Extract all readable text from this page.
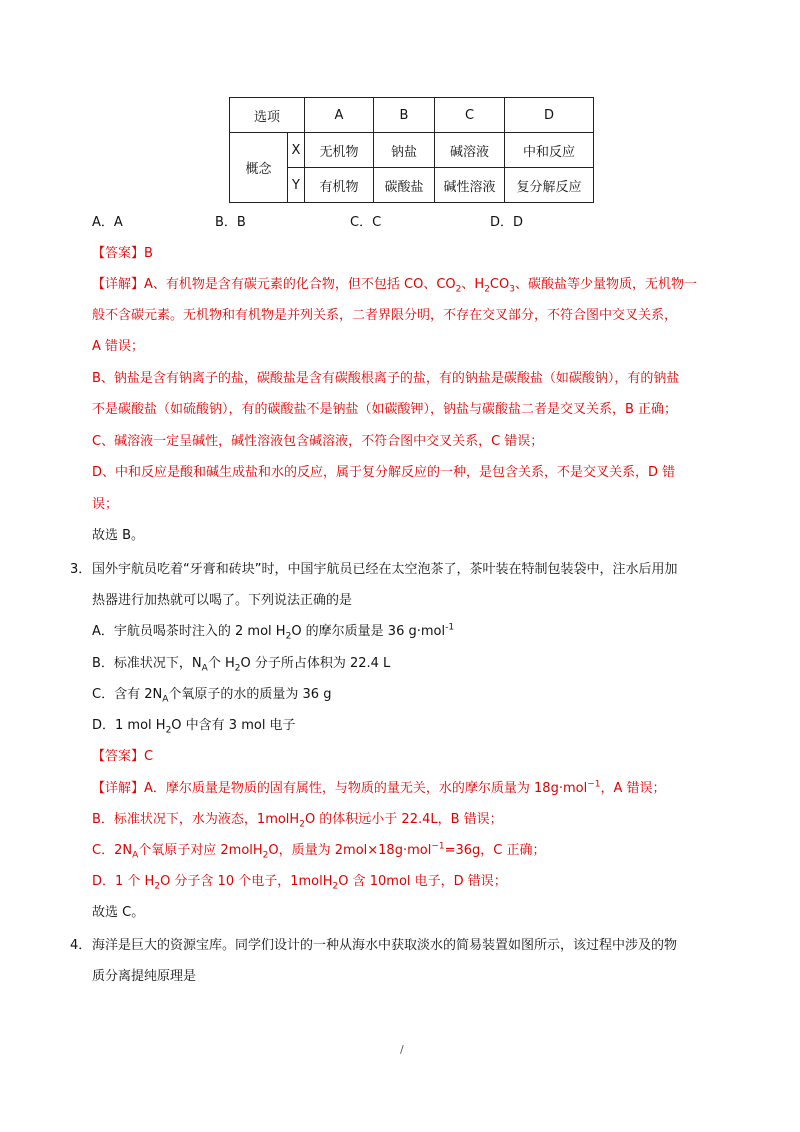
选项		A	B	C	D
概念	X	无机物	钠盐	碱溶液	中和反应
	Y	有机物	碳酸盐	碱性溶液	复分解反应
A．A	B．B	C．C	D．D
【答案】B
【详解】A、有机物是含有碳元素的化合物，但不包括 CO、$CO_2$、$H_2CO_3$、碳酸盐等少量物质，无机物一
般不含碳元素。无机物和有机物是并列关系，二者界限分明，不存在交叉部分，不符合图中交叉关系，
A 错误；
B、钠盐是含有钠离子的盐，碳酸盐是含有碳酸根离子的盐，有的钠盐是碳酸盐（如碳酸钠），有的钠盐
不是碳酸盐（如硫酸钠），有的碳酸盐不是钠盐（如碳酸钾），钠盐与碳酸盐二者是交叉关系，B 正确；
C、碱溶液一定呈碱性，碱性溶液包含碱溶液，不符合图中交叉关系，C 错误；
D、中和反应是酸和碱生成盐和水的反应，属于复分解反应的一种，是包含关系，不是交叉关系，D 错
误；
故选 B。
3． 国外宇航员吃着“牙膏和砖块”时，中国宇航员已经在太空泡茶了，茶叶装在特制包装袋中，注水后用加
热器进行加热就可以喝了。下列说法正确的是
A．宇航员喝茶时注入的 2 mol $H_2O$ 的摩尔质量是 36 g·mol$^{-1}$
B．标准状况下，$N_A$个 $H_2O$ 分子所占体积为 22.4 L
C．含有 $2N_A$个氧原子的水的质量为 36 g
D．1 mol $H_2O$ 中含有 3 mol 电子
【答案】C
【详解】A．摩尔质量是物质的固有属性，与物质的量无关，水的摩尔质量为 18g·mol$^{-1}$，A 错误；
B．标准状况下，水为液态，1molH$_2$O 的体积远小于 22.4L，B 错误；
C．$2N_A$个氧原子对应 2molH$_2$O，质量为 2mol×18g·mol$^{-1}$=36g，C 正确；
D．1 个 $H_2O$ 分子含 10 个电子，1molH$_2$O 含 10mol 电子，D 错误；
故选 C。
4． 海洋是巨大的资源宝库。同学们设计的一种从海水中获取淡水的简易装置如图所示，该过程中涉及的物
质分离提纯原理是
/
